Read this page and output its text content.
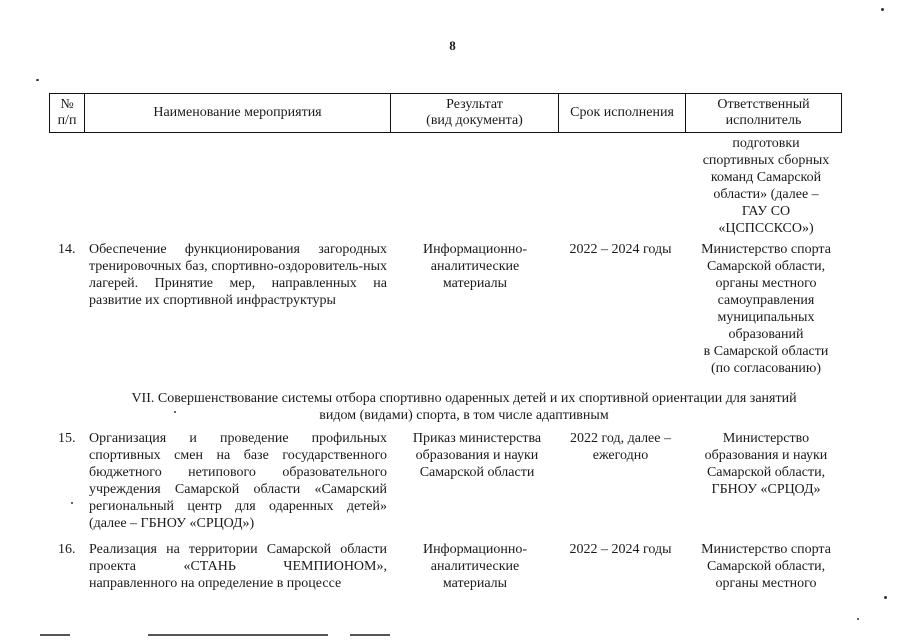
8
№
п/п
Наименование мероприятия
Результат
(вид документа)
Срок исполнения
Ответственный
исполнитель
подготовки
спортивных сборных
команд Самарской
области» (далее –
ГАУ СО
«ЦСПССКСО»)
14. Обеспечение функционирования загородных тренировочных баз, спортивно-оздоровитель-ных лагерей. Принятие мер, направленных на развитие их спортивной инфраструктуры
Информационно-
аналитические
материалы
2022 – 2024 годы	Министерство спорта
Самарской области,
органы местного
самоуправления
муниципальных
образований
в Самарской области
(по согласованию)
VII. Совершенствование системы отбора спортивно одаренных детей и их спортивной ориентации для занятий
видом (видами) спорта, в том числе адаптивным
15. Организация и проведение профильных спортивных смен на базе государственного бюджетного нетипового образовательного учреждения Самарской области «Самарский региональный центр для одаренных детей» (далее – ГБНОУ «СРЦОД»)
Приказ министерства
образования и науки
Самарской области
2022 год, далее –
ежегодно
Министерство
образования и науки
Самарской области,
ГБНОУ «СРЦОД»
16. Реализация на территории Самарской области проекта «СТАНЬ ЧЕМПИОНОМ», направленного на определение в процессе
Информационно-
аналитические
материалы
2022 – 2024 годы	Министерство спорта
Самарской области,
органы местного
